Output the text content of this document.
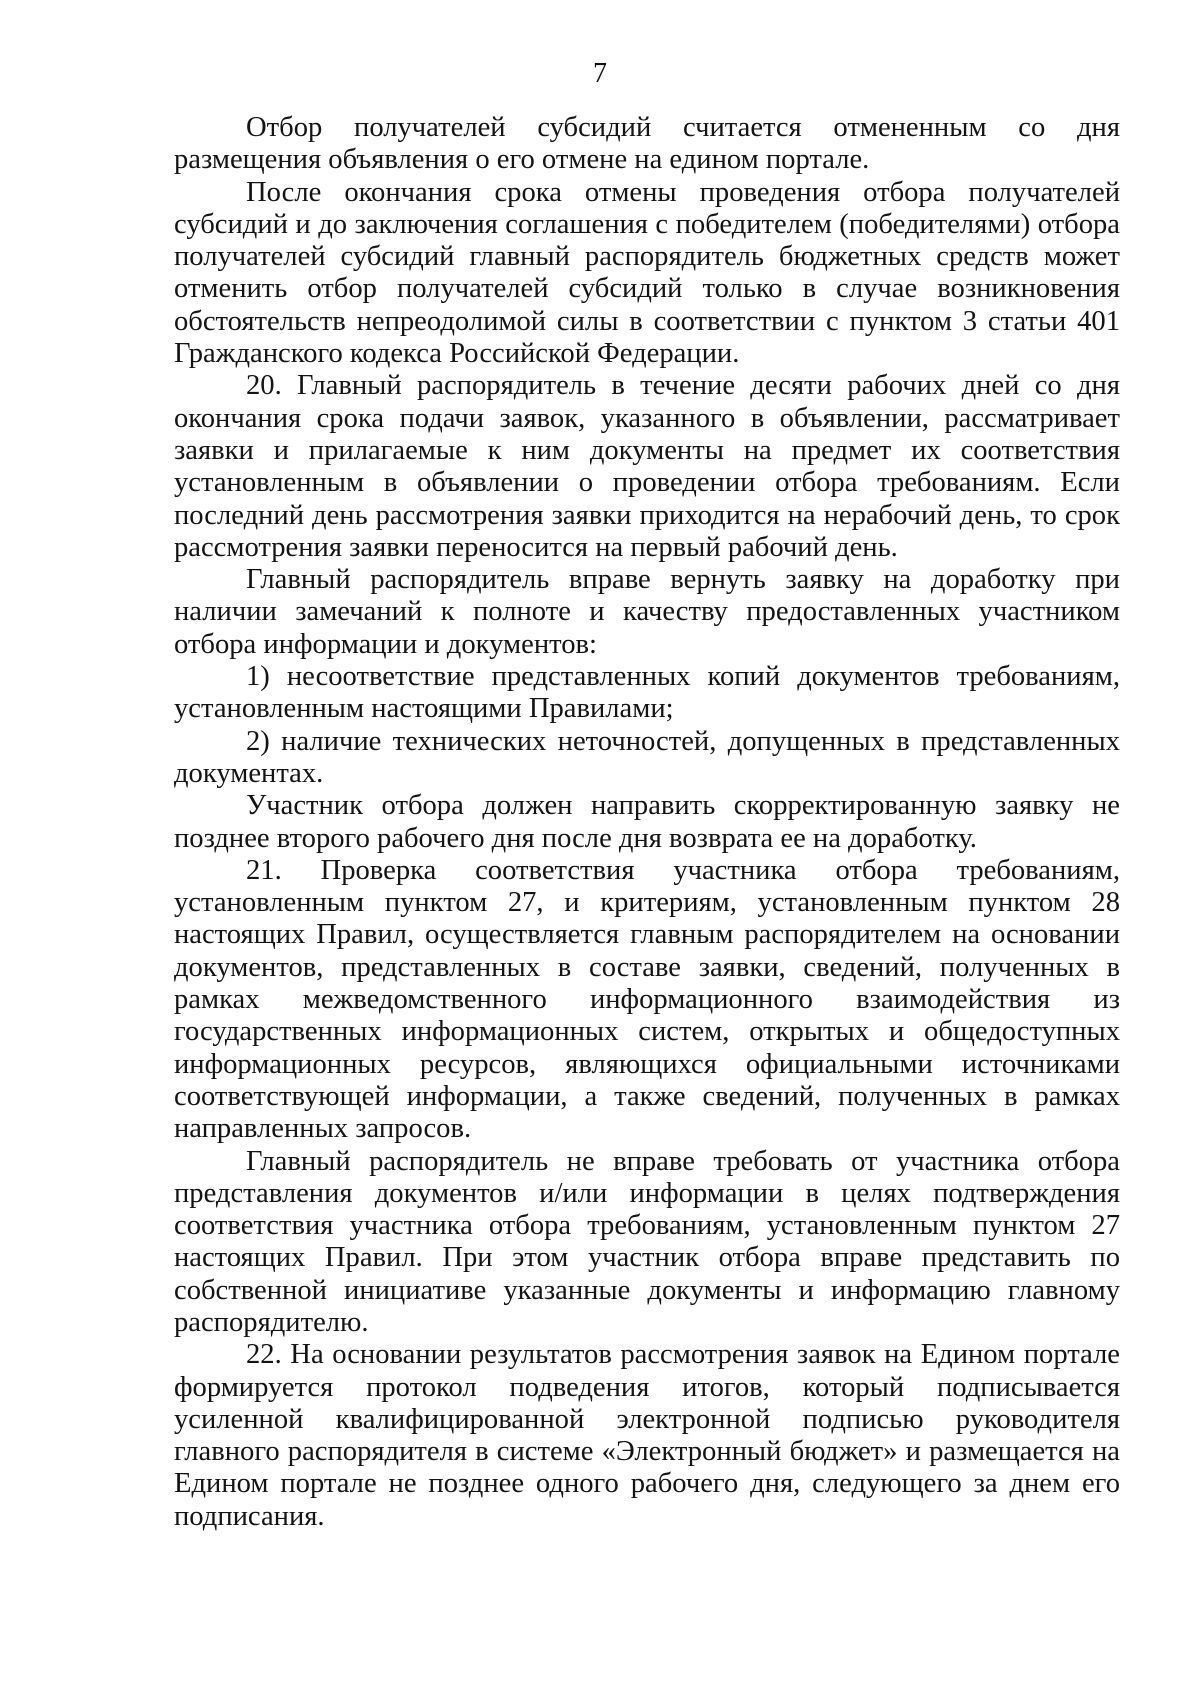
7

Отбор получателей субсидий считается отмененным со дня размещения объявления о его отмене на едином портале.

После окончания срока отмены проведения отбора получателей субсидий и до заключения соглашения с победителем (победителями) отбора получателей субсидий главный распорядитель бюджетных средств может отменить отбор получателей субсидий только в случае возникновения обстоятельств непреодолимой силы в соответствии с пунктом 3 статьи 401 Гражданского кодекса Российской Федерации.

20. Главный распорядитель в течение десяти рабочих дней со дня окончания срока подачи заявок, указанного в объявлении, рассматривает заявки и прилагаемые к ним документы на предмет их соответствия установленным в объявлении о проведении отбора требованиям. Если последний день рассмотрения заявки приходится на нерабочий день, то срок рассмотрения заявки переносится на первый рабочий день.

Главный распорядитель вправе вернуть заявку на доработку при наличии замечаний к полноте и качеству предоставленных участником отбора информации и документов:

1) несоответствие представленных копий документов требованиям, установленным настоящими Правилами;

2) наличие технических неточностей, допущенных в представленных документах.

Участник отбора должен направить скорректированную заявку не позднее второго рабочего дня после дня возврата ее на доработку.

21. Проверка соответствия участника отбора требованиям, установленным пунктом 27, и критериям, установленным пунктом 28 настоящих Правил, осуществляется главным распорядителем на основании документов, представленных в составе заявки, сведений, полученных в рамках межведомственного информационного взаимодействия из государственных информационных систем, открытых и общедоступных информационных ресурсов, являющихся официальными источниками соответствующей информации, а также сведений, полученных в рамках направленных запросов.

Главный распорядитель не вправе требовать от участника отбора представления документов и/или информации в целях подтверждения соответствия участника отбора требованиям, установленным пунктом 27 настоящих Правил. При этом участник отбора вправе представить по собственной инициативе указанные документы и информацию главному распорядителю.

22. На основании результатов рассмотрения заявок на Едином портале формируется протокол подведения итогов, который подписывается усиленной квалифицированной электронной подписью руководителя главного распорядителя в системе «Электронный бюджет» и размещается на Едином портале не позднее одного рабочего дня, следующего за днем его подписания.
